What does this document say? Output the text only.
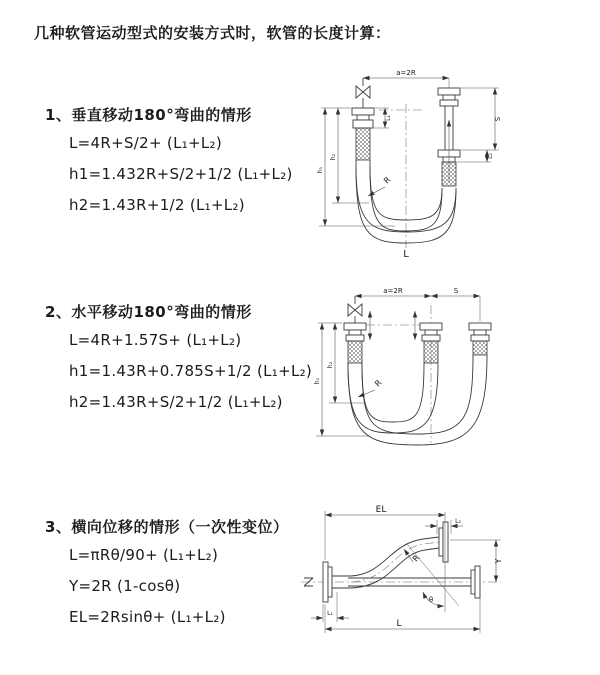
几种软管运动型式的安装方式时，软管的长度计算：
1、垂直移动180°弯曲的情形
L=4R+S/2+ (L₁+L₂)
h1=1.432R+S/2+1/2 (L₁+L₂)
h2=1.43R+1/2 (L₁+L₂)
a=2R
L₁	S
L₂
h₂
h₁
R
L
2、水平移动180°弯曲的情形
L=4R+1.57S+ (L₁+L₂)
h1=1.43R+0.785S+1/2 (L₁+L₂)
h2=1.43R+S/2+1/2 (L₁+L₂)
a=2R	S
h₂
h₁	R
3、横向位移的情形（一次性变位）
L=πRθ/90+ (L₁+L₂)
Y=2R (1-cosθ)
EL=2Rsinθ+ (L₁+L₂)
θ
EL
L₂
Y
R
L
L₁
